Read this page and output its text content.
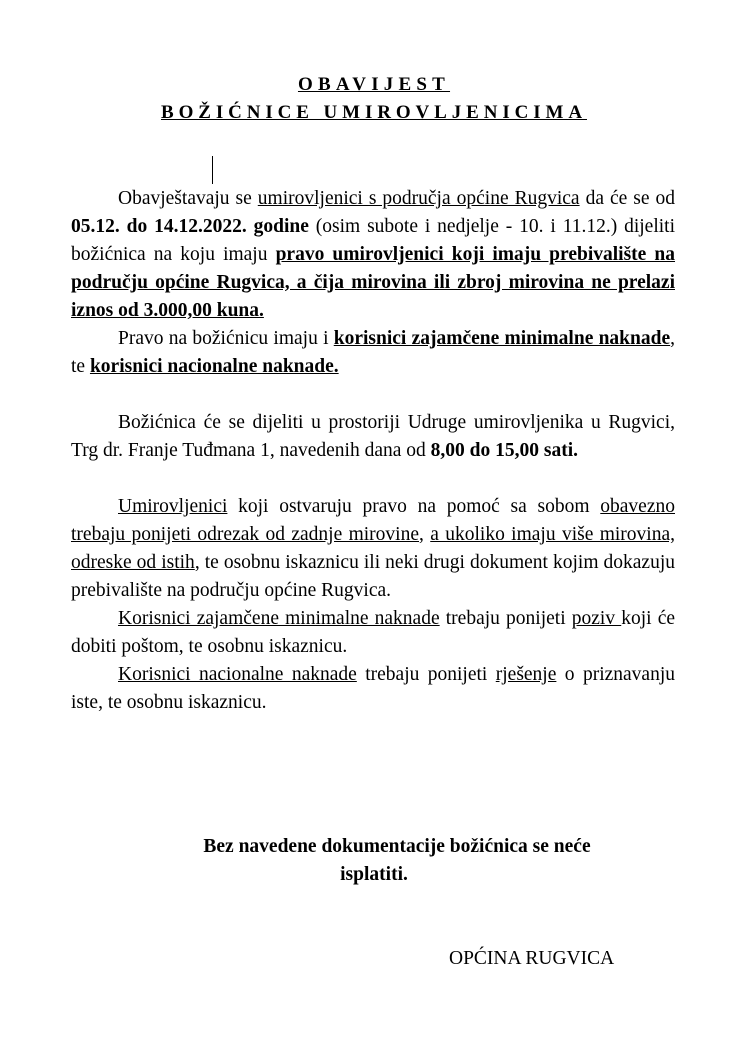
OBAVIJEST
BOŽIĆNICE UMIROVLJENICIMA

Obavještavaju se umirovljenici s područja općine Rugvica da će se od 05.12. do 14.12.2022. godine (osim subote i nedjelje - 10. i 11.12.) dijeliti božićnica na koju imaju pravo umirovljenici koji imaju prebivalište na području općine Rugvica, a čija mirovina ili zbroj mirovina ne prelazi iznos od 3.000,00 kuna.

Pravo na božićnicu imaju i korisnici zajamčene minimalne naknade, te korisnici nacionalne naknade.

Božićnica će se dijeliti u prostoriji Udruge umirovljenika u Rugvici, Trg dr. Franje Tuđmana 1, navedenih dana od 8,00 do 15,00 sati.

Umirovljenici koji ostvaruju pravo na pomoć sa sobom obavezno trebaju ponijeti odrezak od zadnje mirovine, a ukoliko imaju više mirovina, odreske od istih, te osobnu iskaznicu ili neki drugi dokument kojim dokazuju prebivalište na području općine Rugvica.

Korisnici zajamčene minimalne naknade trebaju ponijeti poziv koji će dobiti poštom, te osobnu iskaznicu.

Korisnici nacionalne naknade trebaju ponijeti rješenje o priznavanju iste, te osobnu iskaznicu.

Bez navedene dokumentacije božićnica se neće
isplatiti.
OPĆINA RUGVICA
